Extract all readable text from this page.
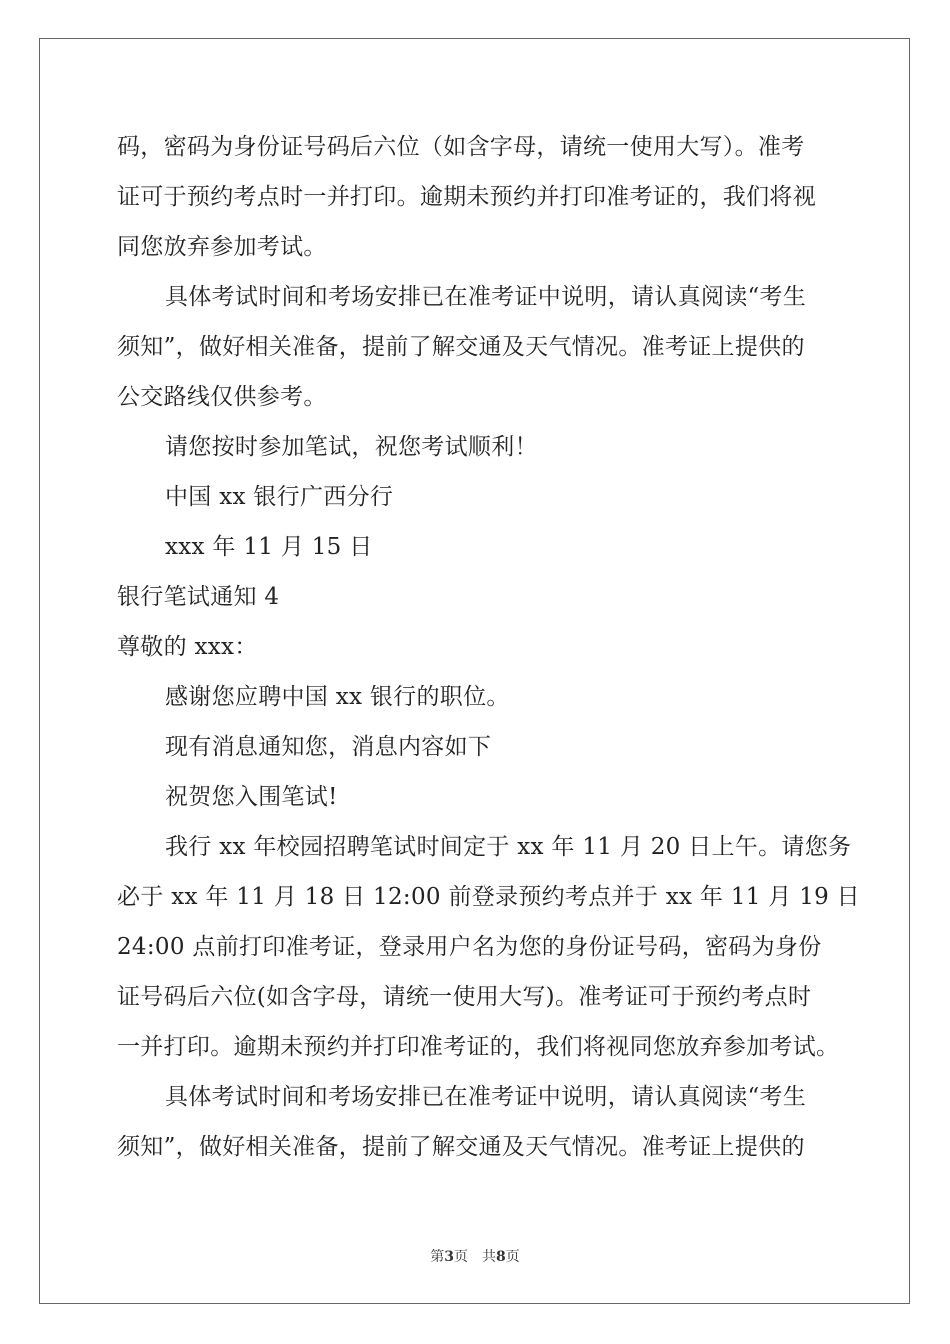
码，密码为身份证号码后六位（如含字母，请统一使用大写）。准考
证可于预约考点时一并打印。逾期未预约并打印准考证的，我们将视
同您放弃参加考试。
具体考试时间和考场安排已在准考证中说明，请认真阅读“考生
须知”，做好相关准备，提前了解交通及天气情况。准考证上提供的
公交路线仅供参考。
请您按时参加笔试，祝您考试顺利！
中国 xx 银行广西分行
xxx 年 11 月 15 日
银行笔试通知 4
尊敬的 xxx：
感谢您应聘中国 xx 银行的职位。
现有消息通知您，消息内容如下
祝贺您入围笔试!
我行 xx 年校园招聘笔试时间定于 xx 年 11 月 20 日上午。请您务
必于 xx 年 11 月 18 日 12:00 前登录预约考点并于 xx 年 11 月 19 日
24:00 点前打印准考证，登录用户名为您的身份证号码，密码为身份
证号码后六位(如含字母，请统一使用大写)。准考证可于预约考点时
一并打印。逾期未预约并打印准考证的，我们将视同您放弃参加考试。
具体考试时间和考场安排已在准考证中说明，请认真阅读“考生
须知”，做好相关准备，提前了解交通及天气情况。准考证上提供的
第3页　共8页
